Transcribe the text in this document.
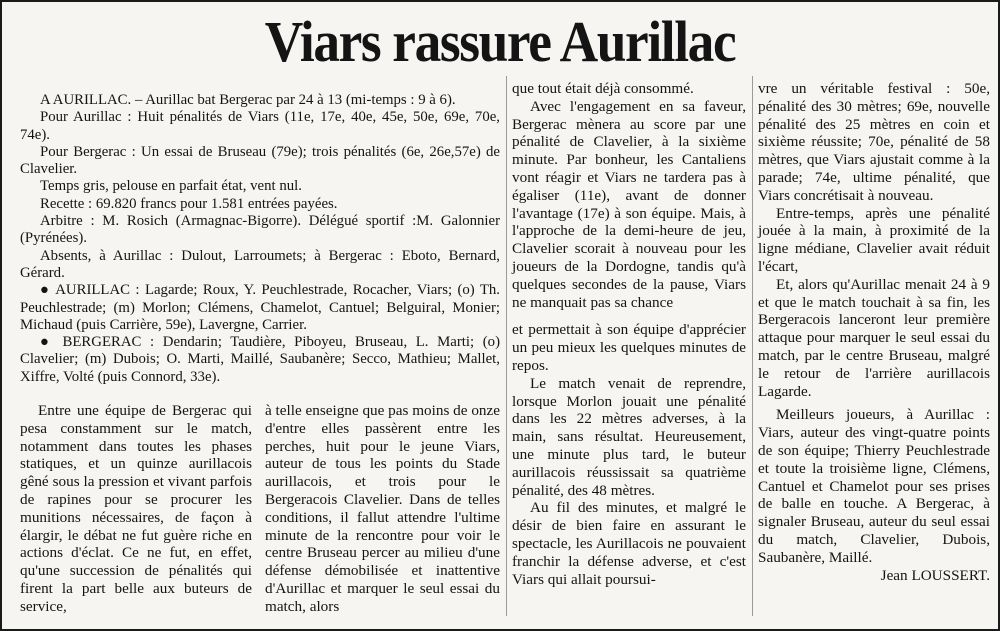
Viars rassure Aurillac

A AURILLAC. – Aurillac bat Bergerac par 24 à 13 (mi-temps : 9 à 6).

Pour Aurillac : Huit pénalités de Viars (11e, 17e, 40e, 45e, 50e, 69e, 70e, 74e).

Pour Bergerac : Un essai de Bruseau (79e); trois pénalités (6e, 26e,57e) de Clavelier.

Temps gris, pelouse en parfait état, vent nul.

Recette : 69.820 francs pour 1.581 entrées payées.

Arbitre : M. Rosich (Armagnac-Bigorre). Délégué sportif :M. Galonnier (Pyrénées).

Absents, à Aurillac : Dulout, Larroumets; à Bergerac : Eboto, Bernard, Gérard.

● AURILLAC : Lagarde; Roux, Y. Peuchlestrade, Rocacher, Viars; (o) Th. Peuchlestrade; (m) Morlon; Clémens, Chamelot, Cantuel; Belguiral, Monier; Michaud (puis Carrière, 59e), Lavergne, Carrier.

● BERGERAC : Dendarin; Taudière, Piboyeu, Bruseau, L. Marti; (o) Clavelier; (m) Dubois; O. Marti, Maillé, Saubanère; Secco, Mathieu; Mallet, Xiffre, Volté (puis Connord, 33e).

Entre une équipe de Bergerac qui pesa constamment sur le match, notamment dans toutes les phases statiques, et un quinze aurillacois gêné sous la pression et vivant parfois de rapines pour se procurer les munitions nécessaires, de façon à élargir, le débat ne fut guère riche en actions d'éclat. Ce ne fut, en effet, qu'une succession de pénalités qui firent la part belle aux buteurs de service,

à telle enseigne que pas moins de onze d'entre elles passèrent entre les perches, huit pour le jeune Viars, auteur de tous les points du Stade aurillacois, et trois pour le Bergeracois Clavelier. Dans de telles conditions, il fallut attendre l'ultime minute de la rencontre pour voir le centre Bruseau percer au milieu d'une défense démobilisée et inattentive d'Aurillac et marquer le seul essai du match, alors

que tout était déjà consommé.

Avec l'engagement en sa faveur, Bergerac mènera au score par une pénalité de Clavelier, à la sixième minute. Par bonheur, les Cantaliens vont réagir et Viars ne tardera pas à égaliser (11e), avant de donner l'avantage (17e) à son équipe. Mais, à l'approche de la demi-heure de jeu, Clavelier scorait à nouveau pour les joueurs de la Dordogne, tandis qu'à quelques secondes de la pause, Viars ne manquait pas sa chance

et permettait à son équipe d'apprécier un peu mieux les quelques minutes de repos.

Le match venait de reprendre, lorsque Morlon jouait une pénalité dans les 22 mètres adverses, à la main, sans résultat. Heureusement, une minute plus tard, le buteur aurillacois réussissait sa quatrième pénalité, des 48 mètres.

Au fil des minutes, et malgré le désir de bien faire en assurant le spectacle, les Aurillacois ne pouvaient franchir la défense adverse, et c'est Viars qui allait poursui-

vre un véritable festival : 50e, pénalité des 30 mètres; 69e, nouvelle pénalité des 25 mètres en coin et sixième réussite; 70e, pénalité de 58 mètres, que Viars ajustait comme à la parade; 74e, ultime pénalité, que Viars concrétisait à nouveau.

Entre-temps, après une pénalité jouée à la main, à proximité de la ligne médiane, Clavelier avait réduit l'écart,

Et, alors qu'Aurillac menait 24 à 9 et que le match touchait à sa fin, les Bergeracois lanceront leur première attaque pour marquer le seul essai du match, par le centre Bruseau, malgré le retour de l'arrière aurillacois Lagarde.

Meilleurs joueurs, à Aurillac : Viars, auteur des vingt-quatre points de son équipe; Thierry Peuchlestrade et toute la troisième ligne, Clémens, Cantuel et Chamelot pour ses prises de balle en touche. A Bergerac, à signaler Bruseau, auteur du seul essai du match, Clavelier, Dubois, Saubanère, Maillé.

Jean LOUSSERT.
